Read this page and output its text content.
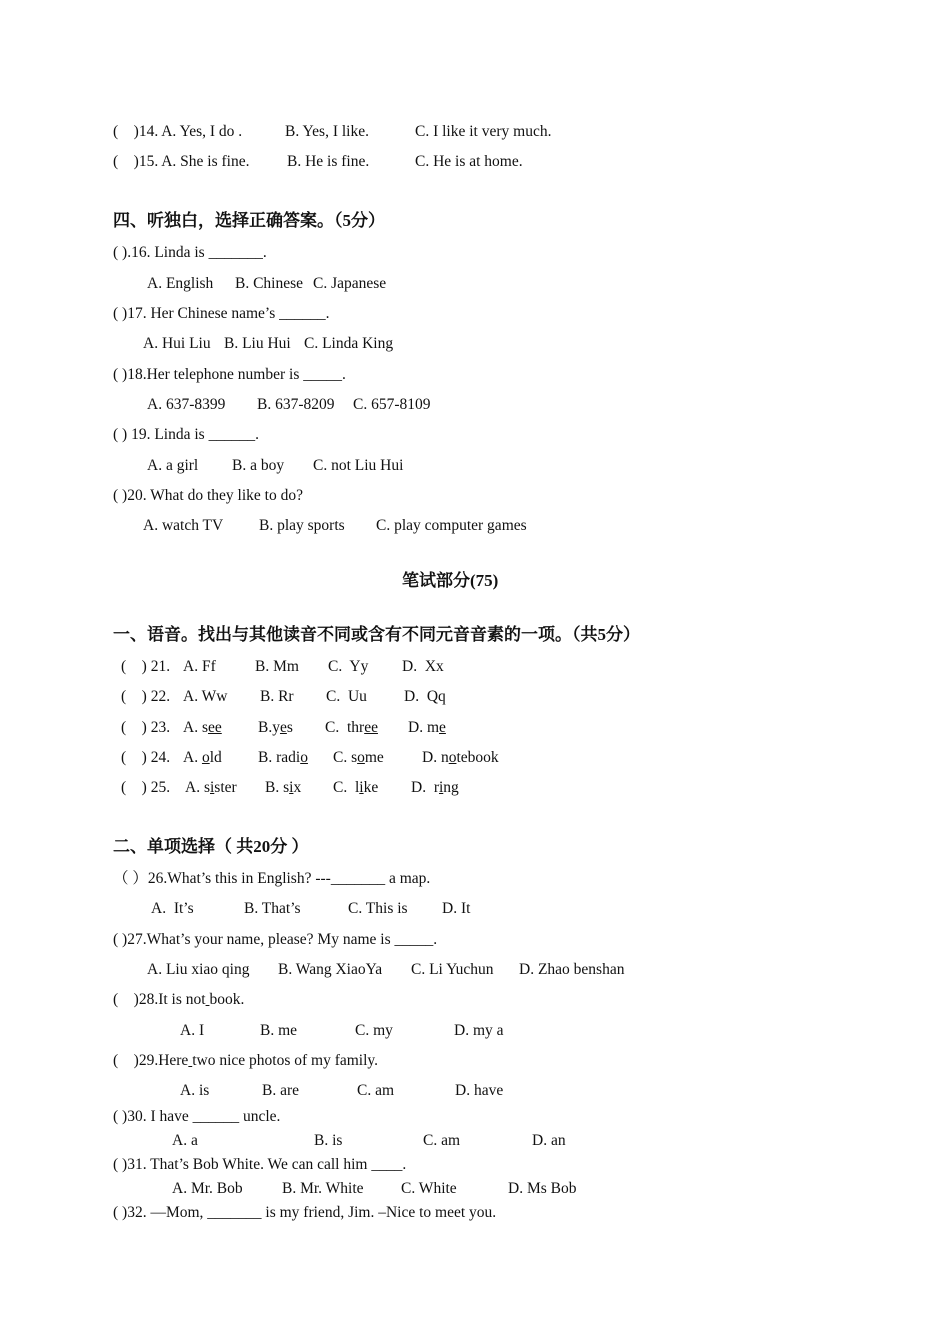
(    )14. A. Yes, I do .	B. Yes, I like.	C. I like it very much.
(    )15. A. She is fine. B. He is fine.	C. He is at home.
四、听独白，选择正确答案。（5分）
( ).16. Linda is _______.
A. English B. Chinese C. Japanese
( )17. Her Chinese name’s ______.
A. Hui Liu B. Liu Hui C. Linda King
( )18.Her telephone number is _____.
A. 637-8399 B. 637-8209 C. 657-8109
( ) 19. Linda is ______.
A. a girl B. a boy C. not Liu Hui
( )20. What do they like to do?
A. watch TV B. play sports C. play computer games
笔试部分(75)
一、语音。找出与其他读音不同或含有不同元音音素的一项。（共5分）
(    ) 21. A. Ff	B. Mm C.  Yy D.  Xx
(    ) 22. A. Ww B. Rr C.  Uu D.  Qq
(    ) 23. A. see B.yes C.  three D. me
(    ) 24. A. old B. radio C. some D. notebook
(    ) 25. A. sister B. six C.  like D.  ring
二、单项选择（ 共20分 ）
（ ）26.What’s this in English? ---_______ a map.
A.  It’s	B. That’s	C. This is D. It
( )27.What’s your name, please? My name is _____.
A. Liu xiao qing B. Wang XiaoYa C. Li Yuchun D. Zhao benshan
(    )28.It is not book.
A. I	B. me	C. my	D. my a
(    )29.Here two nice photos of my family.
A. is	B. are	C. am	D. have
( )30. I have ______ uncle.
A. a	B. is	C. am	D. an
( )31. That’s Bob White. We can call him ____.
A. Mr. Bob	B. Mr. White C. White	D. Ms Bob
( )32. —Mom, _______ is my friend, Jim. –Nice to meet you.
